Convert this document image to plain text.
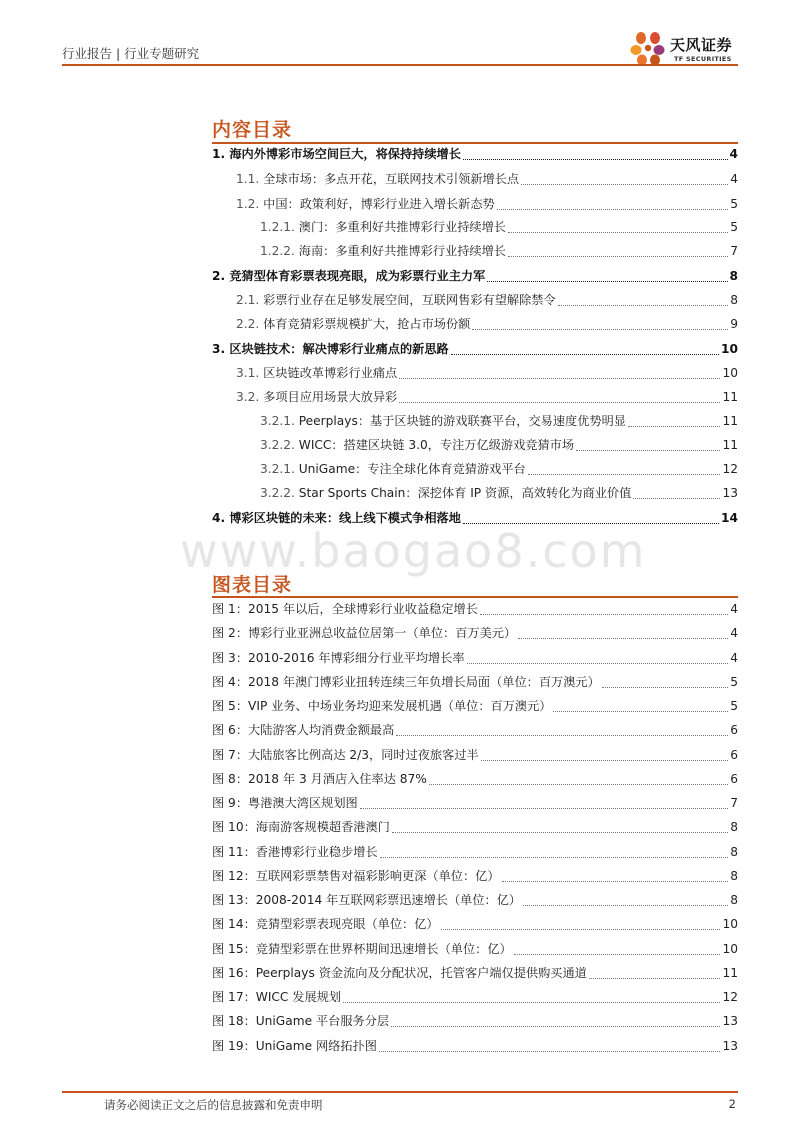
行业报告 | 行业专题研究	天风证券
TF SECURITIES
内容目录
1. 海内外博彩市场空间巨大，将保持持续增长	4
1.1. 全球市场：多点开花，互联网技术引领新增长点	4
1.2. 中国：政策利好，博彩行业进入增长新态势	5
1.2.1. 澳门：多重利好共推博彩行业持续增长	5
1.2.2. 海南：多重利好共推博彩行业持续增长	7
2. 竞猜型体育彩票表现亮眼，成为彩票行业主力军	8
2.1. 彩票行业存在足够发展空间，互联网售彩有望解除禁令	8
2.2. 体育竞猜彩票规模扩大，抢占市场份额	9
3. 区块链技术：解决博彩行业痛点的新思路	10
3.1. 区块链改革博彩行业痛点	10
3.2. 多项目应用场景大放异彩	11
3.2.1. Peerplays：基于区块链的游戏联赛平台，交易速度优势明显	11
3.2.2. WICC：搭建区块链 3.0，专注万亿级游戏竞猜市场	11
3.2.1. UniGame：专注全球化体育竞猜游戏平台	12
3.2.2. Star Sports Chain：深挖体育 IP 资源，高效转化为商业价值	13
4. 博彩区块链的未来：线上线下模式争相落地	14
www.baogao8.com
图表目录
图 1： 2015 年以后，全球博彩行业收益稳定增长	4
图 2： 博彩行业亚洲总收益位居第一（单位：百万美元）	4
图 3： 2010-2016 年博彩细分行业平均增长率	4
图 4： 2018 年澳门博彩业扭转连续三年负增长局面（单位：百万澳元）	5
图 5： VIP 业务、中场业务均迎来发展机遇（单位：百万澳元）	5
图 6： 大陆游客人均消费金额最高	6
图 7： 大陆旅客比例高达 2/3，同时过夜旅客过半	6
图 8： 2018 年 3 月酒店入住率达 87%	6
图 9： 粤港澳大湾区规划图	7
图 10： 海南游客规模超香港澳门	8
图 11： 香港博彩行业稳步增长	8
图 12： 互联网彩票禁售对福彩影响更深（单位：亿）	8
图 13： 2008-2014 年互联网彩票迅速增长（单位：亿）	8
图 14： 竞猜型彩票表现亮眼（单位：亿）	10
图 15： 竞猜型彩票在世界杯期间迅速增长（单位：亿）	10
图 16： Peerplays 资金流向及分配状况，托管客户端仅提供购买通道	11
图 17： WICC 发展规划	12
图 18： UniGame 平台服务分层	13
图 19： UniGame 网络拓扑图	13
请务必阅读正文之后的信息披露和免责申明	2
